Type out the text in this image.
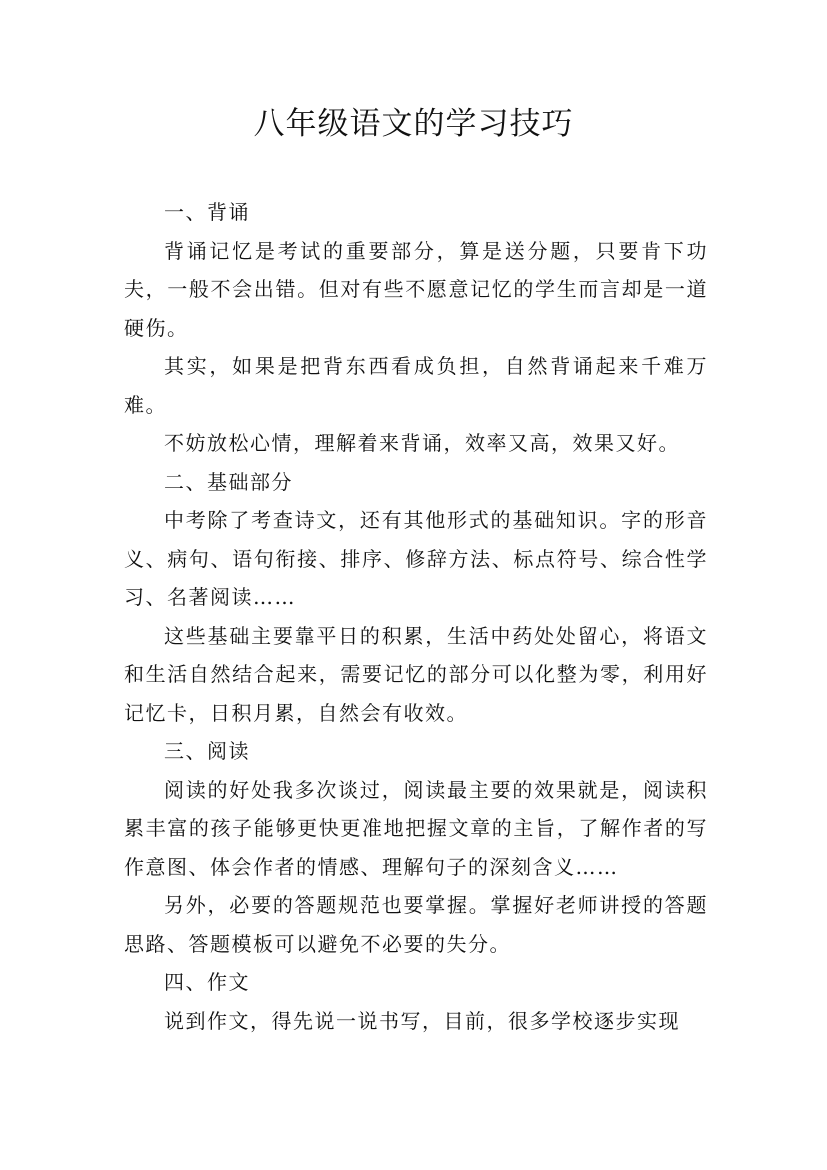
八年级语文的学习技巧

一、背诵

背诵记忆是考试的重要部分，算是送分题，只要肯下功夫，一般不会出错。但对有些不愿意记忆的学生而言却是一道硬伤。

其实，如果是把背东西看成负担，自然背诵起来千难万难。

不妨放松心情，理解着来背诵，效率又高，效果又好。

二、基础部分

中考除了考查诗文，还有其他形式的基础知识。字的形音义、病句、语句衔接、排序、修辞方法、标点符号、综合性学习、名著阅读……

这些基础主要靠平日的积累，生活中药处处留心，将语文和生活自然结合起来，需要记忆的部分可以化整为零，利用好记忆卡，日积月累，自然会有收效。

三、阅读

阅读的好处我多次谈过，阅读最主要的效果就是，阅读积累丰富的孩子能够更快更准地把握文章的主旨，了解作者的写作意图、体会作者的情感、理解句子的深刻含义……

另外，必要的答题规范也要掌握。掌握好老师讲授的答题思路、答题模板可以避免不必要的失分。

四、作文

说到作文，得先说一说书写，目前，很多学校逐步实现
